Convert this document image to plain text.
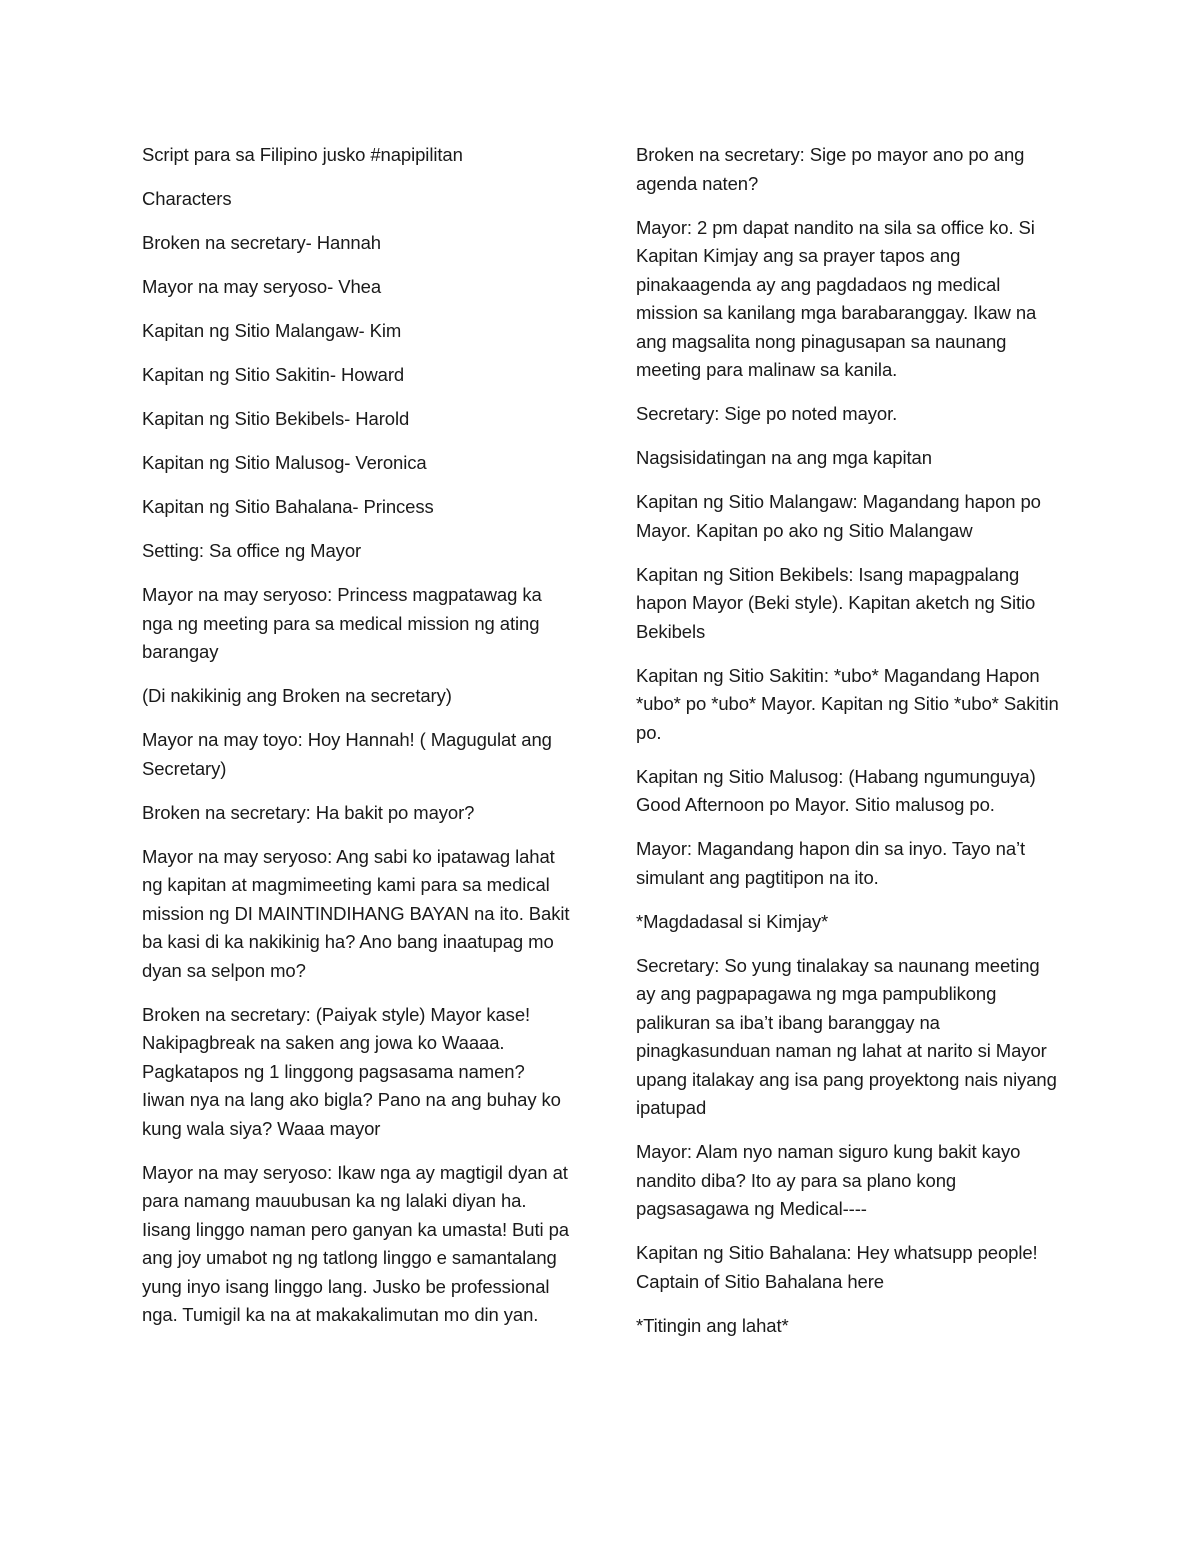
Script para sa Filipino jusko #napipilitan

Characters

Broken na secretary- Hannah

Mayor na may seryoso- Vhea

Kapitan ng Sitio Malangaw- Kim

Kapitan ng Sitio Sakitin- Howard

Kapitan ng Sitio Bekibels- Harold

Kapitan ng Sitio Malusog- Veronica

Kapitan ng Sitio Bahalana- Princess

Setting: Sa office ng Mayor

Mayor na may seryoso: Princess magpatawag ka nga ng meeting para sa medical mission ng ating barangay

(Di nakikinig ang Broken na secretary)

Mayor na may toyo: Hoy Hannah! ( Magugulat ang Secretary)

Broken na secretary: Ha bakit po mayor?

Mayor na may seryoso: Ang sabi ko ipatawag lahat ng kapitan at magmimeeting kami para sa medical mission ng DI MAINTINDIHANG BAYAN na ito. Bakit ba kasi di ka nakikinig ha? Ano bang inaatupag mo dyan sa selpon mo?

Broken na secretary: (Paiyak style) Mayor kase! Nakipagbreak na saken ang jowa ko Waaaa. Pagkatapos ng 1 linggong pagsasama namen? Iiwan nya na lang ako bigla? Pano na ang buhay ko kung wala siya? Waaa mayor

Mayor na may seryoso: Ikaw nga ay magtigil dyan at para namang mauubusan ka ng lalaki diyan ha. Iisang linggo naman pero ganyan ka umasta! Buti pa ang joy umabot ng ng tatlong linggo e samantalang yung inyo isang linggo lang. Jusko be professional nga. Tumigil ka na at makakalimutan mo din yan.

Broken na secretary: Sige po mayor ano po ang agenda naten?

Mayor: 2 pm dapat nandito na sila sa office ko. Si Kapitan Kimjay ang sa prayer tapos ang pinakaagenda ay ang pagdadaos ng medical mission sa kanilang mga barabaranggay. Ikaw na ang magsalita nong pinagusapan sa naunang meeting para malinaw sa kanila.

Secretary: Sige po noted mayor.

Nagsisidatingan na ang mga kapitan

Kapitan ng Sitio Malangaw: Magandang hapon po Mayor. Kapitan po ako ng Sitio Malangaw

Kapitan ng Sition Bekibels: Isang mapagpalang hapon Mayor (Beki style). Kapitan aketch ng Sitio Bekibels

Kapitan ng Sitio Sakitin: *ubo* Magandang Hapon *ubo* po *ubo* Mayor. Kapitan ng Sitio *ubo* Sakitin po.

Kapitan ng Sitio Malusog: (Habang ngumunguya) Good Afternoon po Mayor. Sitio malusog po.

Mayor: Magandang hapon din sa inyo. Tayo na’t simulant ang pagtitipon na ito.

*Magdadasal si Kimjay*

Secretary: So yung tinalakay sa naunang meeting ay ang pagpapagawa ng mga pampublikong palikuran sa iba’t ibang baranggay na pinagkasunduan naman ng lahat at narito si Mayor upang italakay ang isa pang proyektong nais niyang ipatupad

Mayor: Alam nyo naman siguro kung bakit kayo nandito diba? Ito ay para sa plano kong pagsasagawa ng Medical----

Kapitan ng Sitio Bahalana: Hey whatsupp people! Captain of Sitio Bahalana here

*Titingin ang lahat*
